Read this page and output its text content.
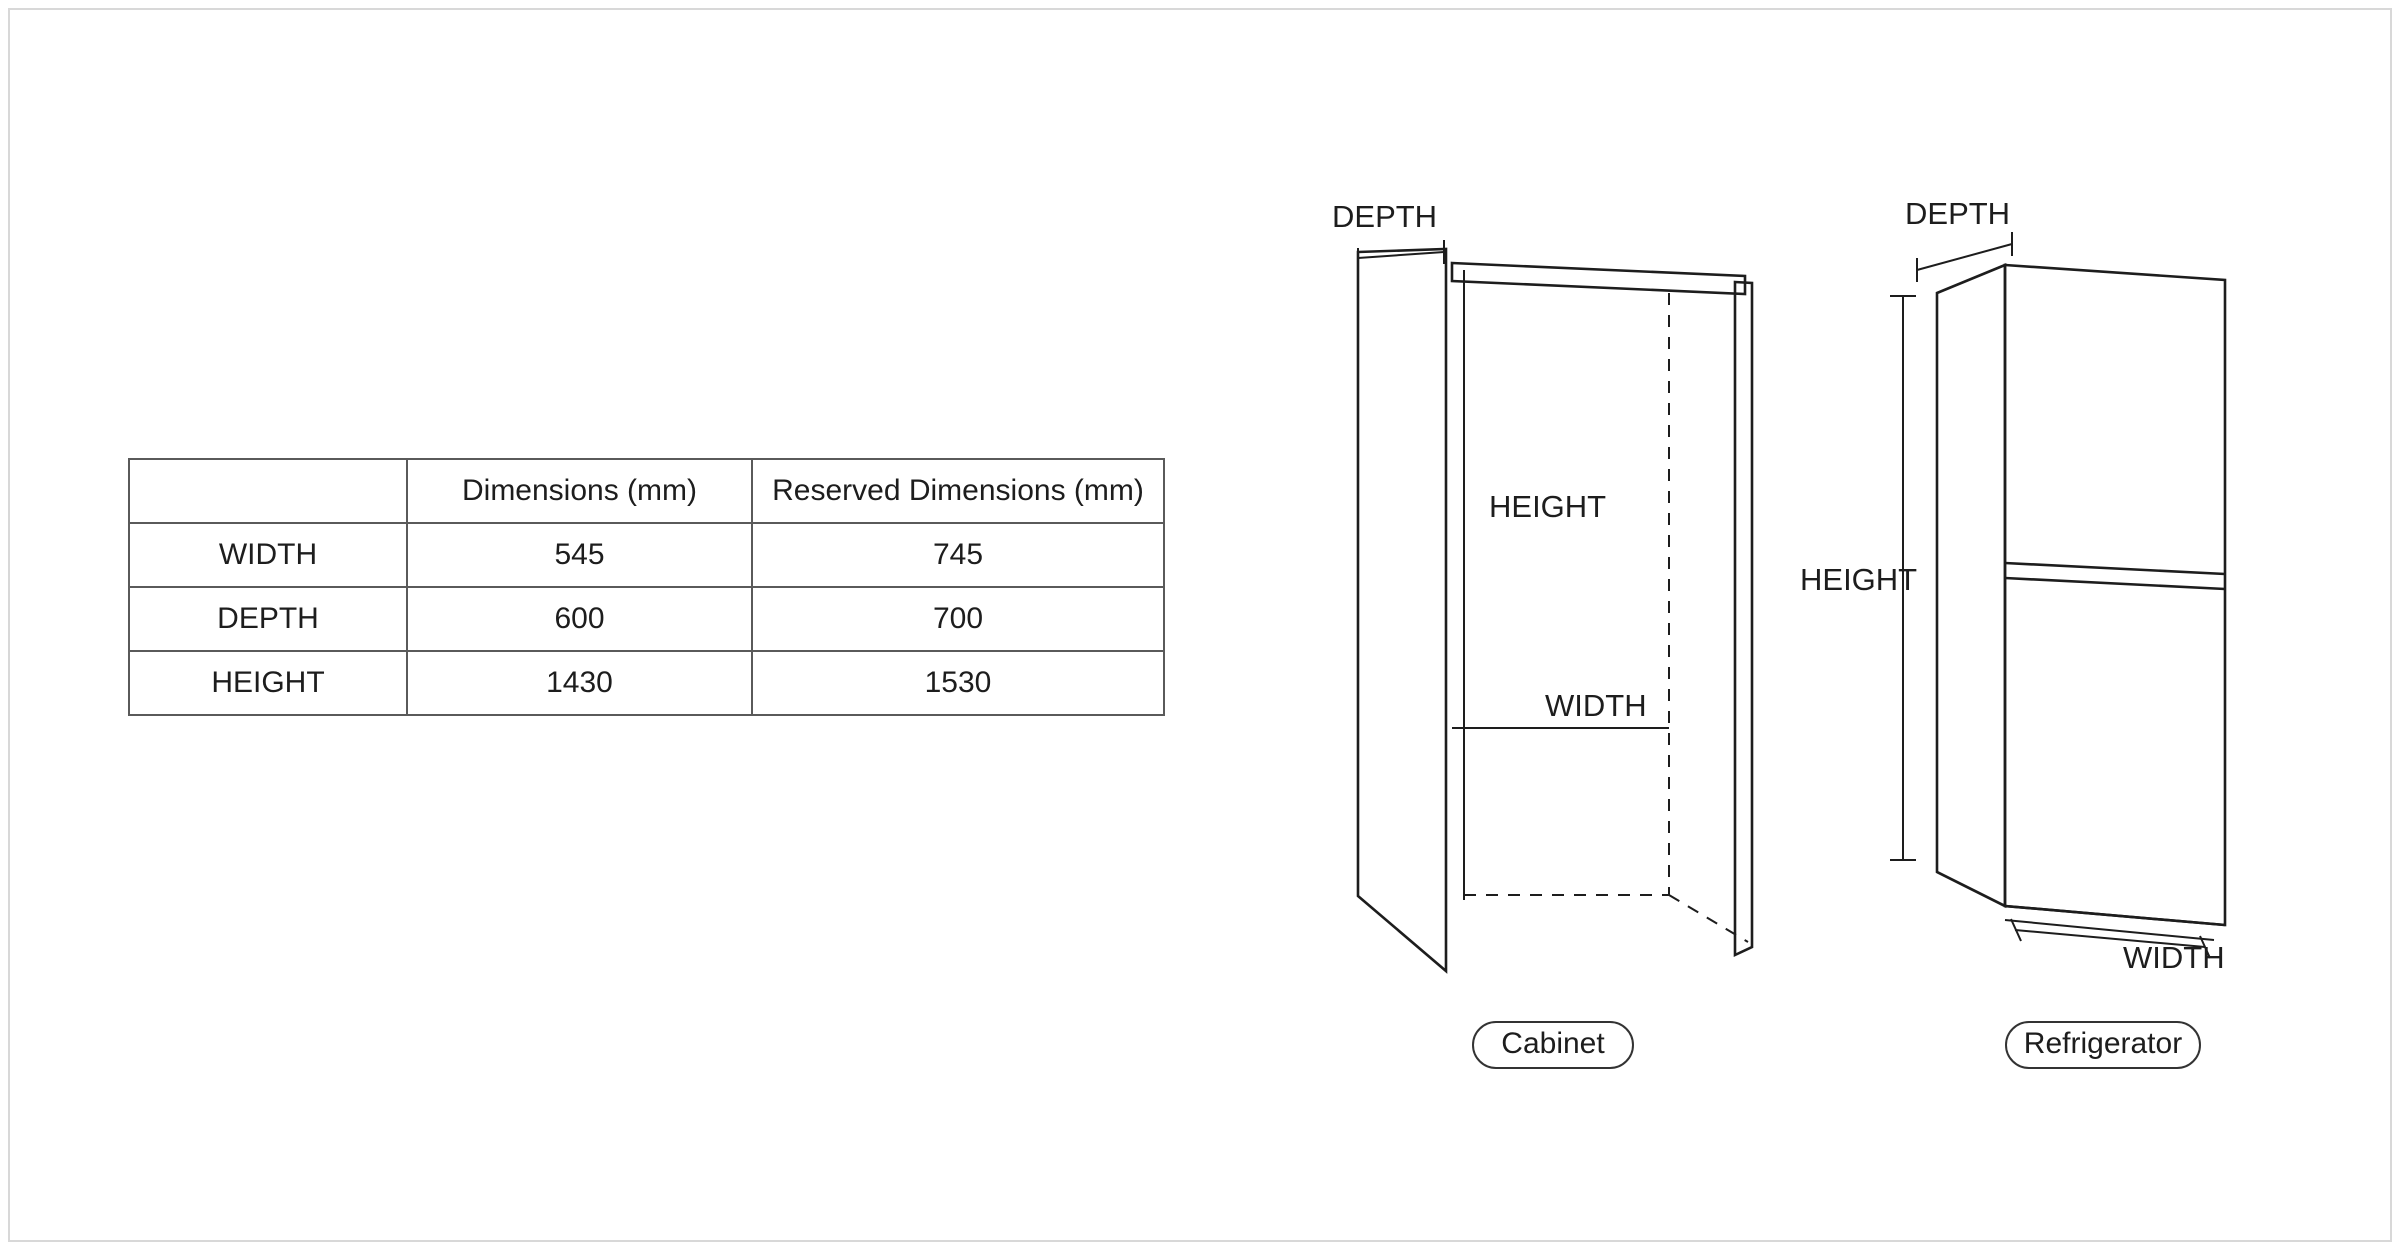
	Dimensions (mm)	Reserved Dimensions (mm)
WIDTH	545	745
DEPTH	600	700
HEIGHT	1430	1530
DEPTH
HEIGHT
WIDTH
Cabinet
DEPTH
HEIGHT
WIDTH
Refrigerator
